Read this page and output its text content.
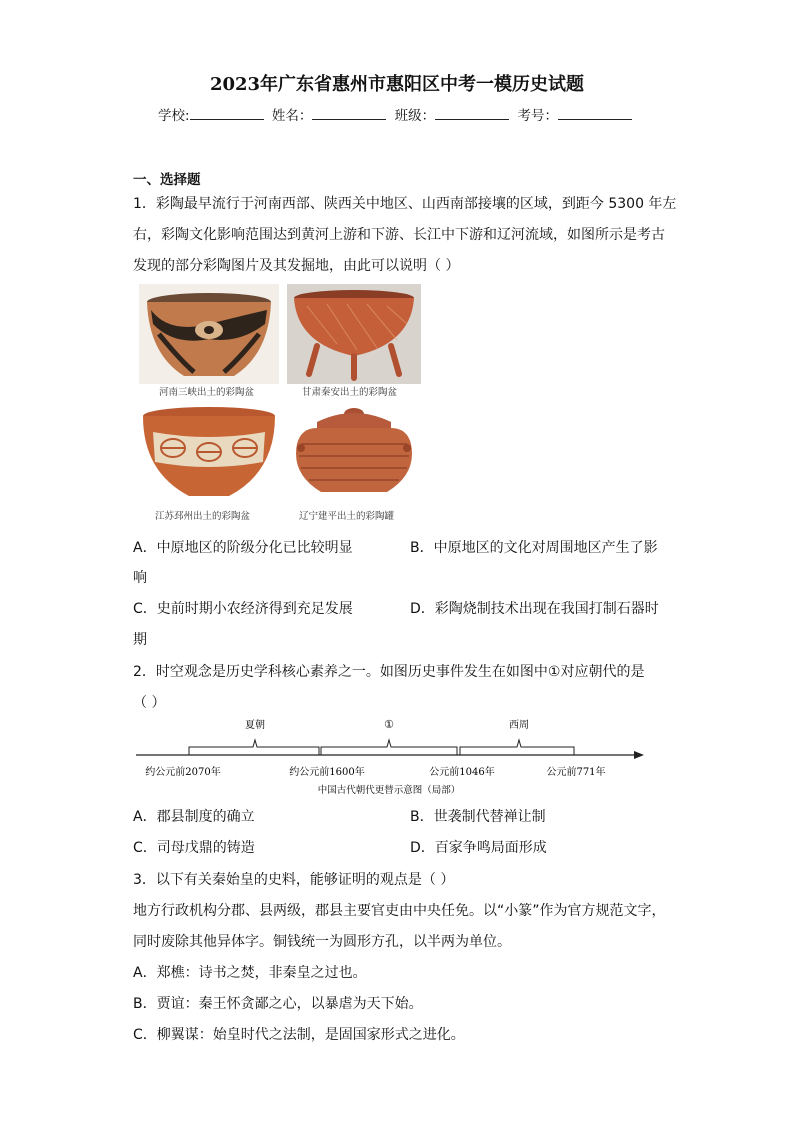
2023年广东省惠州市惠阳区中考一模历史试题
学校:	姓名：	班级：	考号：
一、选择题
1．彩陶最早流行于河南西部、陕西关中地区、山西南部接壤的区域，到距今 5300 年左
右，彩陶文化影响范围达到黄河上游和下游、长江中下游和辽河流域，如图所示是考古
发现的部分彩陶图片及其发掘地，由此可以说明（ ）
河南三峡出土的彩陶盆	甘肃秦安出土的彩陶盆
江苏邳州出土的彩陶盆	辽宁建平出土的彩陶罐
A．中原地区的阶级分化已比较明显	B．中原地区的文化对周围地区产生了影
响
C．史前时期小农经济得到充足发展	D．彩陶烧制技术出现在我国打制石器时
期
2．时空观念是历史学科核心素养之一。如图历史事件发生在如图中①对应朝代的是
（ ）
夏朝	①	西周
约公元前2070年	约公元前1600年	公元前1046年	公元前771年
中国古代朝代更替示意图（局部）
A．郡县制度的确立	B．世袭制代替禅让制
C．司母戊鼎的铸造	D．百家争鸣局面形成
3．以下有关秦始皇的史料，能够证明的观点是（ ）
地方行政机构分郡、县两级，郡县主要官吏由中央任免。以“小篆”作为官方规范文字，
同时废除其他异体字。铜钱统一为圆形方孔，以半两为单位。
A．郑樵：诗书之焚，非秦皇之过也。
B．贾谊：秦王怀贪鄙之心，以暴虐为天下始。
C．柳翼谋：始皇时代之法制，是固国家形式之进化。
